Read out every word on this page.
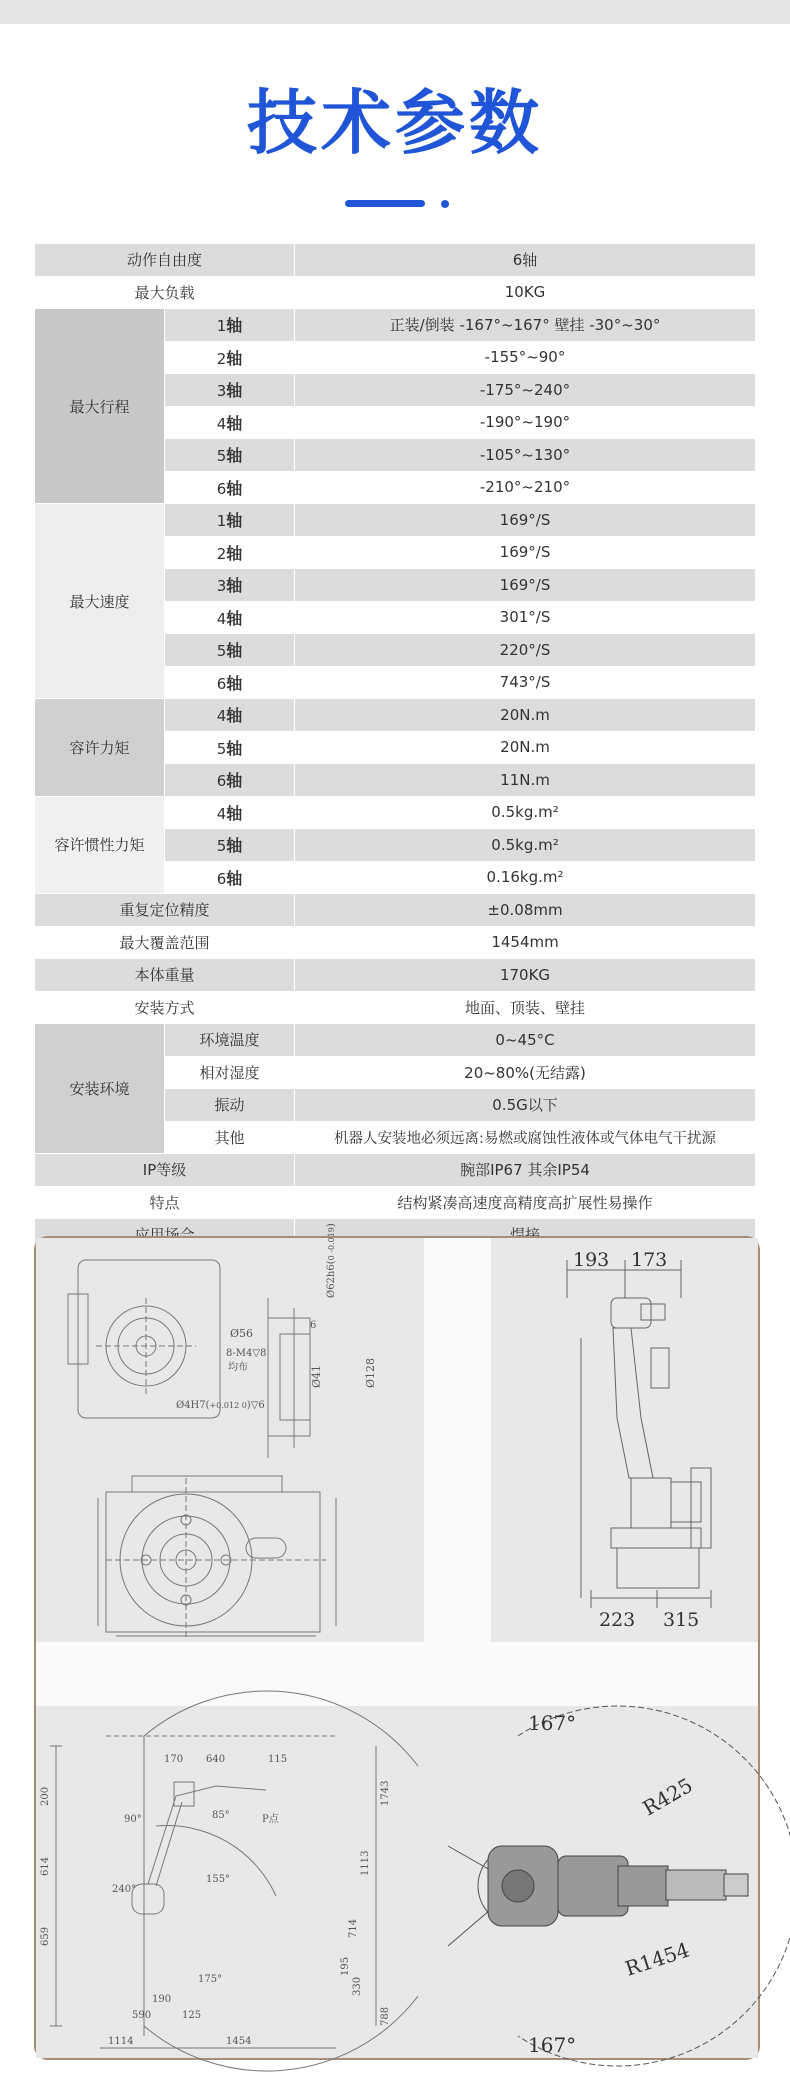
技术参数
动作自由度		6轴
最大负载		10KG
最大行程	1轴	正装/倒装 -167°~167° 壁挂 -30°~30°
	2轴	-155°~90°
	3轴	-175°~240°
	4轴	-190°~190°
	5轴	-105°~130°
	6轴	-210°~210°
最大速度	1轴	169°/S
	2轴	169°/S
	3轴	169°/S
	4轴	301°/S
	5轴	220°/S
	6轴	743°/S
容许力矩	4轴	20N.m
	5轴	20N.m
	6轴	11N.m
容许惯性力矩	4轴	0.5kg.m²
	5轴	0.5kg.m²
	6轴	0.16kg.m²
重复定位精度		±0.08mm
最大覆盖范围		1454mm
本体重量		170KG
安装方式		地面、顶装、壁挂
安装环境	环境温度	0~45°C
	相对湿度	20~80%(无结露)
	振动	0.5G以下
	其他	机器人安装地必须远离:易燃或腐蚀性液体或气体电气干扰源
IP等级		腕部IP67 其余IP54
特点		结构紧凑高速度高精度高扩展性易操作

Ø56
6
Ø62h6(0 -0.019)
Ø41	Ø128
8-M4▽8
均布
Ø4H7(+0.012 0)▽6
193 173
223 315
170 640	115
200
614
659
1743
1113
714
195
330
788
590	125
190
1114	1454
90°	85°
155°
240°
175°
P点
167°
167°
R425
R1454
